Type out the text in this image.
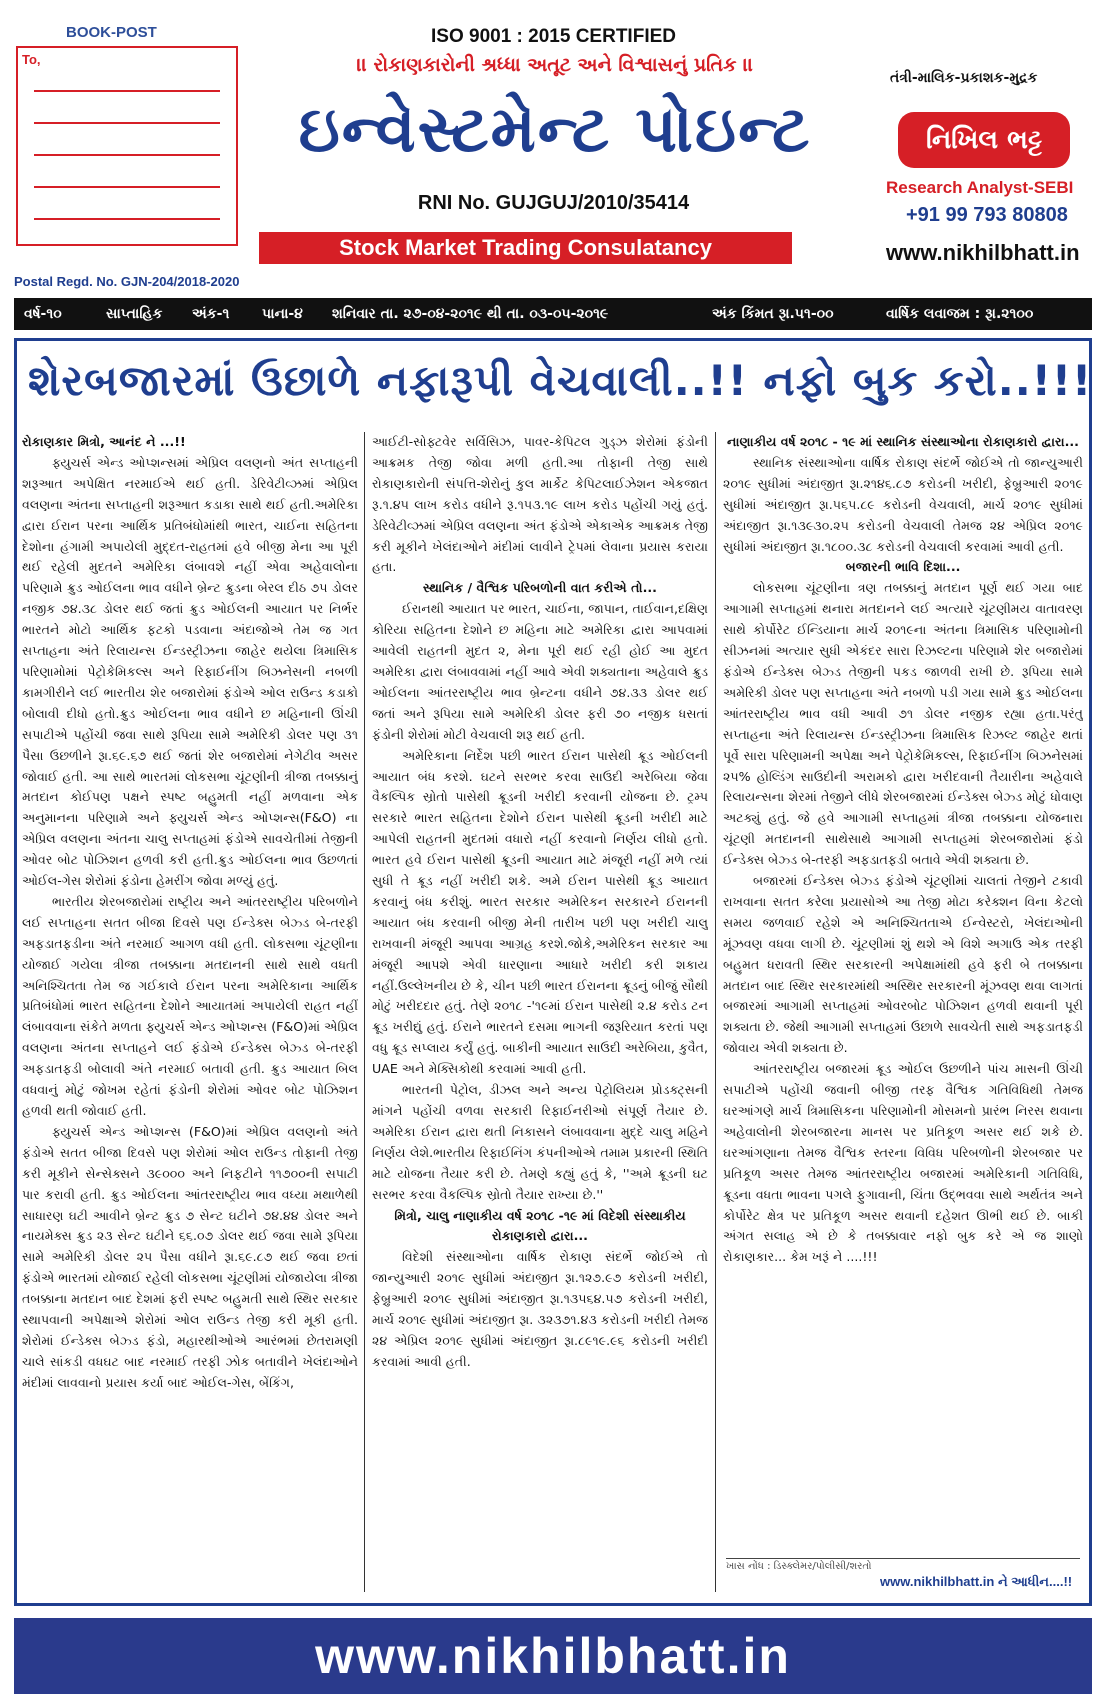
BOOK-POST
To,
ISO 9001 : 2015 CERTIFIED
।। રોકાણકારોની શ્રધ્ધા અતૂટ અને વિશ્વાસનું પ્રતિક ।।
ઇન્વેસ્ટમેન્ટ પોઇન્ટ
RNI No. GUJGUJ/2010/35414
Stock Market Trading Consulatancy
તંત્રી-માલિક-પ્રકાશક-મુદ્રક
નિખિલ ભટ્ટ
Research Analyst-SEBI
+91 99 793 80808
www.nikhilbhatt.in
Postal Regd. No. GJN-204/2018-2020
વર્ષ-૧૦	સાપ્તાહિક અંક-૧ પાના-૪ શનિવાર તા. ૨૭-૦૪-૨૦૧૯ થી તા. ૦૩-૦૫-૨૦૧૯	અંક કિંમત રૂા.૫૧-૦૦	વાર્ષિક લવાજમ : રૂા.૨૧૦૦
શેરબજારમાં ઉછાળે નફારૂપી વેચવાલી..!! નફો બુક કરો..!!!

રોકાણકાર મિત્રો, આનંદ ને ...!!

ફ્યુચર્સ એન્ડ ઓપ્શન્સમાં એપ્રિલ વલણનો અંત સપ્તાહની શરૂઆત અપેક્ષિત નરમાઈએ થઈ હતી. ડેરિવેટીવ્ઝમાં એપ્રિલ વલણના અંતના સપ્તાહની શરૂઆત કડાકા સાથે થઈ હતી.અમેરિકા દ્વારા ઈરાન પરના આર્થિક પ્રતિબંધોમાંથી ભારત, ચાઈના સહિતના દેશોના હંગામી અપાયેલી મુદ્દત-રાહતમાં હવે બીજી મેના આ પૂરી થઈ રહેલી મુદતને અમેરિકા લંબાવશે નહીં એવા અહેવાલોના પરિણામે ક્રુડ ઓઈલના ભાવ વધીને બ્રેન્ટ ક્રુડના બેરલ દીઠ ૭૫ ડોલર નજીક ૭૪.૩૮ ડોલર થઈ જતાં ક્રુડ ઓઈલની આયાત પર નિર્ભર ભારતને મોટો આર્થિક ફટકો પડવાના અંદાજોએ તેમ જ ગત સપ્તાહના અંતે રિલાયન્સ ઈન્ડસ્ટ્રીઝના જાહેર થયેલા ત્રિમાસિક પરિણામોમાં પેટ્રોકેમિકલ્સ અને રિફાઈનીંગ બિઝનેસની નબળી કામગીરીને લઈ ભારતીય શેર બજારોમાં ફંડોએ ઓલ રાઉન્ડ કડાકો બોલાવી દીધો હતો.ક્રુડ ઓઈલના ભાવ વધીને છ મહિનાની ઊંચી સપાટીએ પહોંચી જવા સાથે રૂપિયા સામે અમેરિકી ડોલર પણ ૩૧ પૈસા ઉછળીને રૂા.૬૯.૬૭ થઈ જતાં શેર બજારોમાં નેગેટીવ અસર જોવાઈ હતી. આ સાથે ભારતમાં લોકસભા ચૂંટણીની ત્રીજા તબક્કાનું મતદાન કોઈપણ પક્ષને સ્પષ્ટ બહુમતી નહીં મળવાના એક અનુમાનના પરિણામે અને ફ્યુચર્સ એન્ડ ઓપ્શન્સ(F&O) ના એપ્રિલ વલણના અંતના ચાલુ સપ્તાહમાં ફંડોએ સાવચેતીમાં તેજીની ઓવર બોટ પોઝિશન હળવી કરી હતી.ક્રુડ ઓઈલના ભાવ ઉછળતાં ઓઈલ-ગેસ શેરોમાં ફંડોના હેમરીંગ જોવા મળ્યું હતું.

ભારતીય શેરબજારોમાં રાષ્ટ્રીય અને આંતરરાષ્ટ્રીય પરિબળોને લઈ સપ્તાહના સતત બીજા દિવસે પણ ઈન્ડેક્સ બેઝ્ડ બે-તરફી અફડાતફડીના અંતે નરમાઈ આગળ વધી હતી. લોકસભા ચૂંટણીના યોજાઈ ગયેલા ત્રીજા તબક્કાના મતદાનની સાથે સાથે વધતી અનિશ્ચિતતા તેમ જ ગઈકાલે ઈરાન પરના અમેરિકાના આર્થિક પ્રતિબંધોમાં ભારત સહિતના દેશોને આયાતમાં અપાયેલી રાહત નહીં લંબાવવાના સંકેતે મળતા ફ્યુચર્સ એન્ડ ઓપ્શન્સ (F&O)માં એપ્રિલ વલણના અંતના સપ્તાહને લઈ ફંડોએ ઈન્ડેક્સ બેઝ્ડ બે-તરફી અફડાતફડી બોલાવી અંતે નરમાઈ બતાવી હતી. ક્રુડ આયાત બિલ વધવાનું મોટું જોખમ રહેતાં ફંડોની શેરોમાં ઓવર બોટ પોઝિશન હળવી થતી જોવાઈ હતી.

ફ્યુચર્સ એન્ડ ઓપ્શન્સ (F&O)માં એપ્રિલ વલણનો અંતે ફંડોએ સતત બીજા દિવસે પણ શેરોમાં ઓલ રાઉન્ડ તોફાની તેજી કરી મૂકીને સેન્સેક્સને ૩૯૦૦૦ અને નિફટીને ૧૧૭૦૦ની સપાટી પાર કરાવી હતી. ક્રુડ ઓઈલના આંતરરાષ્ટ્રીય ભાવ વધ્યા મથાળેથી સાધારણ ઘટી આવીને બ્રેન્ટ ક્રુડ ૭ સેન્ટ ઘટીને ૭૪.૪૪ ડોલર અને નાયમેક્સ ક્રુડ ૨૩ સેન્ટ ઘટીને ૬૬.૦૭ ડોલર થઈ જવા સામે રૂપિયા સામે અમેરિકી ડોલર ૨૫ પૈસા વધીને રૂા.૬૯.૮૭ થઈ જવા છતાં ફંડોએ ભારતમાં યોજાઈ રહેલી લોકસભા ચૂંટણીમાં યોજાયેલા ત્રીજા તબક્કાના મતદાન બાદ દેશમાં ફરી સ્પષ્ટ બહુમતી સાથે સ્થિર સરકાર સ્થાપવાની અપેક્ષાએ શેરોમાં ઓલ રાઉન્ડ તેજી કરી મૂકી હતી. શેરોમાં ઈન્ડેક્સ બેઝ્ડ ફંડો, મહારથીઓએ આરંભમાં છેતરામણી ચાલે સાંકડી વધઘટ બાદ નરમાઈ તરફી ઝોક બતાવીને ખેલંદાઓને મંદીમાં લાવવાનો પ્રયાસ કર્યા બાદ ઓઈલ-ગેસ, બેંકિંગ,

આઈટી-સોફ્ટવેર સર્વિસિઝ, પાવર-કેપિટલ ગુડ્ઝ શેરોમાં ફંડોની આક્રમક તેજી જોવા મળી હતી.આ તોફાની તેજી સાથે રોકાણકારોની સંપત્તિ-શેરોનું કુલ માર્કેટ કેપિટલાઈઝેશન એકજાત રૂ.૧.૪૫ લાખ કરોડ વધીને રૂ.૧૫૩.૧૯ લાખ કરોડ પહોંચી ગયું હતું. ડેરિવેટીવ્ઝમાં એપ્રિલ વલણના અંત ફંડોએ એકાએક આક્રમક તેજી કરી મૂકીને ખેલંદાઓને મંદીમાં લાવીને ટ્રેપમાં લેવાના પ્રયાસ કરાયા હતા.

સ્થાનિક / વૈશ્વિક પરિબળોની વાત કરીએ તો...

ઈરાનથી આયાત પર ભારત, ચાઈના, જાપાન, તાઈવાન,દક્ષિણ કોરિયા સહિતના દેશોને છ મહિના માટે અમેરિકા દ્વારા આપવામાં આવેલી રાહતની મુદત ૨, મેના પૂરી થઈ રહી હોઈ આ મુદત અમેરિકા દ્વારા લંબાવવામાં નહીં આવે એવી શક્યતાના અહેવાલે ક્રુડ ઓઈલના આંતરરાષ્ટ્રીય ભાવ બ્રેન્ટના વધીને ૭૪.૩૩ ડોલર થઈ જતાં અને રૂપિયા સામે અમેરિકી ડોલર ફરી ૭૦ નજીક ધસતાં ફંડોની શેરોમાં મોટી વેચવાલી શરૂ થઈ હતી.

અમેરિકાના નિર્દેશ પછી ભારત ઈરાન પાસેથી ક્રૂડ ઓઈલની આયાત બંધ કરશે. ઘટને સરભર કરવા સાઉદી અરેબિયા જેવા વૈકલ્પિક સ્રોતો પાસેથી ક્રૂડની ખરીદી કરવાની યોજના છે. ટ્રમ્પ સરકારે ભારત સહિતના દેશોને ઈરાન પાસેથી ક્રૂડની ખરીદી માટે આપેલી રાહતની મુદતમાં વધારો નહીં કરવાનો નિર્ણય લીધો હતો. ભારત હવે ઈરાન પાસેથી ક્રૂડની આયાત માટે મંજૂરી નહીં મળે ત્યાં સુધી તે ક્રૂડ નહીં ખરીદી શકે. અમે ઈરાન પાસેથી ક્રૂડ આયાત કરવાનું બંધ કરીશું. ભારત સરકાર અમેરિકન સરકારને ઈરાનની આયાત બંધ કરવાની બીજી મેની તારીખ પછી પણ ખરીદી ચાલુ રાખવાની મંજૂરી આપવા આગ્રહ કરશે.જોકે,અમેરિકન સરકાર આ મંજૂરી આપશે એવી ધારણાના આધારે ખરીદી કરી શકાય નહીં.ઉલ્લેખનીય છે કે, ચીન પછી ભારત ઈરાનના ક્રૂડનું બીજું સૌથી મોટું ખરીદદાર હતું. તેણે ૨૦૧૮ -'૧૯માં ઈરાન પાસેથી ૨.૪ કરોડ ટન ક્રૂડ ખરીદ્યું હતું. ઈરાને ભારતને દસમા ભાગની જરૂરિયાત કરતાં પણ વધુ ક્રૂડ સપ્લાય કર્યું હતું. બાકીની આયાત સાઉદી અરેબિયા, કુવૈત, UAE અને મેક્સિકોથી કરવામાં આવી હતી.

ભારતની પેટ્રોલ, ડીઝલ અને અન્ય પેટ્રોલિયમ પ્રોડક્ટ્સની માંગને પહોંચી વળવા સરકારી રિફાઈનરીઓ સંપૂર્ણ તૈયાર છે. અમેરિકા ઈરાન દ્વારા થતી નિકાસને લંબાવવાના મુદ્દે ચાલુ મહિને નિર્ણય લેશે.ભારતીય રિફાઈનિંગ કંપનીઓએ તમામ પ્રકારની સ્થિતિ માટે યોજના તૈયાર કરી છે. તેમણે કહ્યું હતું કે, ''અમે ક્રૂડની ઘટ સરભર કરવા વૈકલ્પિક સ્રોતો તૈયાર રાખ્યા છે.''

મિત્રો, ચાલુ નાણાકીય વર્ષ ૨૦૧૮ -૧૯ માં વિદેશી સંસ્થાકીય રોકાણકારો દ્વારા...

વિદેશી સંસ્થાઓના વાર્ષિક રોકાણ સંદર્ભે જોઈએ તો જાન્યુઆરી ૨૦૧૯ સુધીમાં અંદાજીત રૂા.૧૨૭.૯૭ કરોડની ખરીદી, ફેબ્રુઆરી ૨૦૧૯ સુધીમાં અંદાજીત રૂા.૧૩૫૬૪.૫૭ કરોડની ખરીદી, માર્ચ ૨૦૧૯ સુધીમાં અંદાજીત રૂા. ૩૨૩૭૧.૪૩ કરોડની ખરીદી તેમજ ૨૪ એપ્રિલ ૨૦૧૯ સુધીમાં અંદાજીત રૂા.૮૯૧૯.૯૬ કરોડની ખરીદી કરવામાં આવી હતી.

નાણાકીય વર્ષ ૨૦૧૮ - ૧૯ માં સ્થાનિક સંસ્થાઓના રોકાણકારો દ્વારા...

સ્થાનિક સંસ્થાઓના વાર્ષિક રોકાણ સંદર્ભે જોઈએ તો જાન્યુઆરી ૨૦૧૯ સુધીમાં અંદાજીત રૂા.૨૧૪૬.૮૭ કરોડની ખરીદી, ફેબ્રુઆરી ૨૦૧૯ સુધીમાં અંદાજીત રૂા.૫૬૫.૮૯ કરોડની વેચવાલી, માર્ચ ૨૦૧૯ સુધીમાં અંદાજીત રૂા.૧૩૯૩૦.૨૫ કરોડની વેચવાલી તેમજ ૨૪ એપ્રિલ ૨૦૧૯ સુધીમાં અંદાજીત રૂા.૧૮૦૦.૩૮ કરોડની વેચવાલી કરવામાં આવી હતી.

બજારની ભાવિ દિશા...

લોકસભા ચૂંટણીના ત્રણ તબક્કાનું મતદાન પૂર્ણ થઈ ગયા બાદ આગામી સપ્તાહમાં થનારા મતદાનને લઈ અત્યારે ચૂંટણીમય વાતાવરણ સાથે કોર્પોરેટ ઈન્ડિયાના માર્ચ ૨૦૧૯ના અંતના ત્રિમાસિક પરિણામોની સીઝનમાં અત્યાર સુધી એકંદર સારા રિઝલ્ટના પરિણામે શેર બજારોમાં ફંડોએ ઈન્ડેક્સ બેઝ્ડ તેજીની પકડ જાળવી રાખી છે. રૂપિયા સામે અમેરિકી ડોલર પણ સપ્તાહના અંતે નબળો પડી ગયા સામે ક્રુડ ઓઈલના આંતરરાષ્ટ્રીય ભાવ વધી આવી ૭૧ ડોલર નજીક રહ્યા હતા.પરંતુ સપ્તાહના અંતે રિલાયન્સ ઈન્ડસ્ટ્રીઝના ત્રિમાસિક રિઝલ્ટ જાહેર થતાં પૂર્વે સારા પરિણામની અપેક્ષા અને પેટ્રોકેમિકલ્સ, રિફાઈનીંગ બિઝનેસમાં ૨૫% હોલ્ડિંગ સાઉદીની અરામકો દ્વારા ખરીદવાની તૈયારીના અહેવાલે રિલાયન્સના શેરમાં તેજીને લીધે શેરબજારમાં ઈન્ડેક્સ બેઝ્ડ મોટું ધોવાણ અટક્યું હતું. જે હવે આગામી સપ્તાહમાં ત્રીજા તબક્કાના યોજનારા ચૂંટણી મતદાનની સાથેસાથે આગામી સપ્તાહમાં શેરબજારોમાં ફંડો ઈન્ડેક્સ બેઝ્ડ બે-તરફી અફડાતફડી બતાવે એવી શક્યતા છે.

બજારમાં ઈન્ડેક્સ બેઝ્ડ ફંડોએ ચૂંટણીમાં ચાલતાં તેજીને ટકાવી રાખવાના સતત કરેલા પ્રયાસોએ આ તેજી મોટા કરેક્શન વિના કેટલો સમય જળવાઈ રહેશે એ અનિશ્ચિતતાએ ઈન્વેસ્ટરો, ખેલંદાઓની મૂંઝવણ વધવા લાગી છે. ચૂંટણીમાં શું થશે એ વિશે અગાઉ એક તરફી બહુમત ધરાવતી સ્થિર સરકારની અપેક્ષામાંથી હવે ફરી બે તબક્કાના મતદાન બાદ સ્થિર સરકારમાંથી અસ્થિર સરકારની મૂંઝવણ થવા લાગતાં બજારમાં આગામી સપ્તાહમાં ઓવરબોટ પોઝિશન હળવી થવાની પૂરી શક્યતા છે. જેથી આગામી સપ્તાહમાં ઉછાળે સાવચેતી સાથે અફડાતફડી જોવાય એવી શક્યતા છે.

આંતરરાષ્ટ્રીય બજારમાં ક્રૂડ ઓઈલ ઉછળીને પાંચ માસની ઊંચી સપાટીએ પહોંચી જવાની બીજી તરફ વૈશ્વિક ગતિવિધિથી તેમજ ઘરઆંગણે માર્ચ ત્રિમાસિકના પરિણામોની મોસમનો પ્રારંભ નિરસ થવાના અહેવાલોની શેરબજારના માનસ પર પ્રતિકૂળ અસર થઈ શકે છે. ઘરઆંગણાના તેમજ વૈશ્વિક સ્તરના વિવિધ પરિબળોની શેરબજાર પર પ્રતિકૂળ અસર તેમજ આંતરરાષ્ટ્રીય બજારમાં અમેરિકાની ગતિવિધિ, ક્રૂડના વધતા ભાવના પગલે ફુગાવાની, ચિંતા ઉદ્ભવવા સાથે અર્થતંત્ર અને કોર્પોરેટ ક્ષેત્ર પર પ્રતિકૂળ અસર થવાની દહેશત ઊભી થઈ છે. બાકી અંગત સલાહ એ છે કે તબક્કાવાર નફો બુક કરે એ જ શાણો રોકાણકાર... કેમ ખરૂં ને ....!!!

ખાસ નોંધ : ડિસ્ક્લેમર/પોલીસી/શરતો
www.nikhilbhatt.in ને આધીન....!!
www.nikhilbhatt.in
